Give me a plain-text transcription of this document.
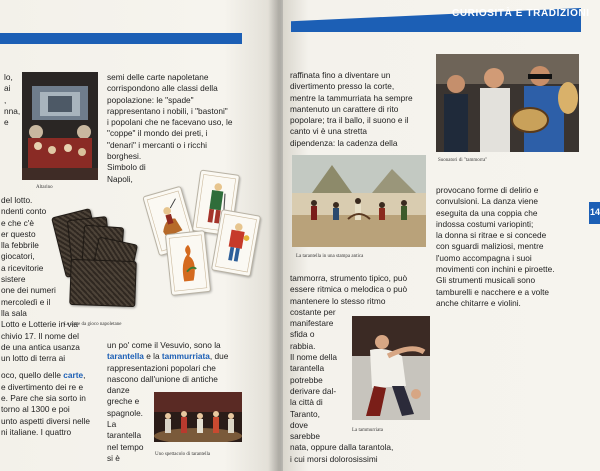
Altarino
del lotto.
ndenti conto
e che c'è
er questo
lla febbrile
giocatori,
a ricevitorie
sistere
one dei numeri
mercoledì e il
lla sala
Lotto e Lotterie in via
chivio 17. Il nome del
de una antica usanza
un lotto di terra ai
oco, quello delle carte,
e divertimento dei re e
e. Pare che sia sorto in
torno al 1300 e poi
unto aspetti diversi nelle
ni italiane. I quattro
lo,
ai
,
nna,
e
semi delle carte napoletane
corrispondono alle classi della
popolazione: le "spade"
rappresentano i nobili, i "bastoni"
i popolani che ne facevano uso, le
"coppe" il mondo dei preti, i
"denari" i mercanti o i ricchi
borghesi.
Simbolo di
Napoli,
Le carte da gioco napoletane
un po' come il Vesuvio, sono la
tarantella e la tammurriata, due
rappresentazioni popolari che
nascono dall'unione di antiche
danze
greche e
spagnole.
La
tarantella
nel tempo
si è	Uno spettacolo di tarantella
CURIOSITÀ E TRADIZIONI
raffinata fino a diventare un
divertimento presso la corte,
mentre la tammurriata ha sempre
mantenuto un carattere di rito
popolare; tra il ballo, il suono e il
canto vi è una stretta
dipendenza: la cadenza della
La tarantella in una stampa antica
tammorra, strumento tipico, può
essere ritmica o melodica o può
mantenere lo stesso ritmo
costante per
manifestare
sfida o
rabbia.
Il nome della
tarantella
potrebbe
derivare dal-
la città di
Taranto,
dove
sarebbe
nata, oppure dalla tarantola,
i cui morsi dolorosissimi
La tammurriata
Suonatori di "tammorra"
provocano forme di delirio e
convulsioni. La danza viene
eseguita da una coppia che
indossa costumi variopinti;
la donna si ritrae e si concede
con sguardi maliziosi, mentre
l'uomo accompagna i suoi
movimenti con inchini e piroette.
Gli strumenti musicali sono
tamburelli e nacchere e a volte
anche chitarre e violini.
14
